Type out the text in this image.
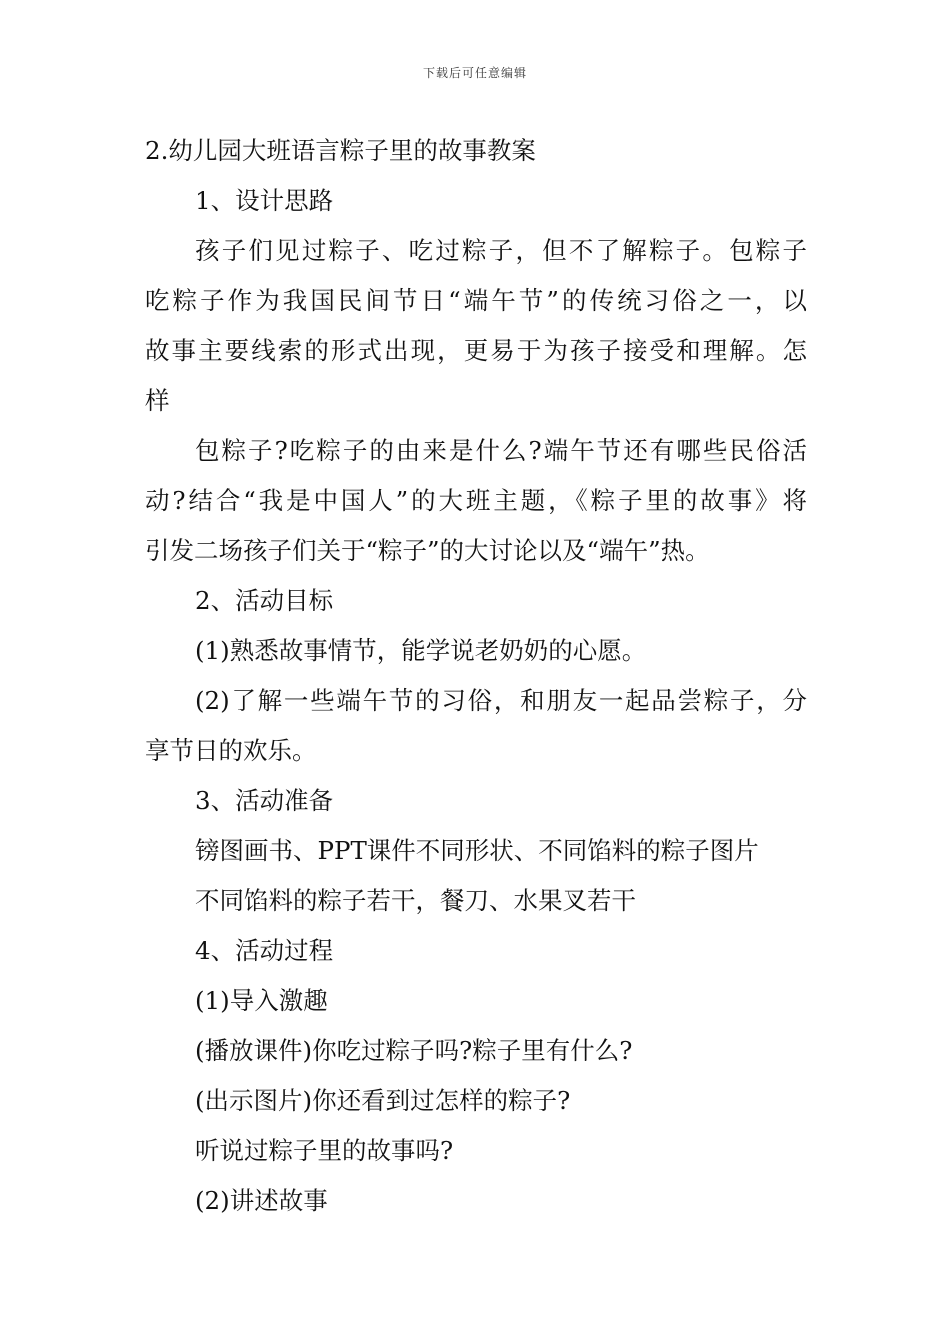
下载后可任意编辑
2.幼儿园大班语言粽子里的故事教案
1、设计思路
孩子们见过粽子、吃过粽子，但不了解粽子。包粽子
吃粽子作为我国民间节日“端午节”的传统习俗之一，以
故事主要线索的形式出现，更易于为孩子接受和理解。怎
样
包粽子?吃粽子的由来是什么?端午节还有哪些民俗活
动?结合“我是中国人”的大班主题，《粽子里的故事》将
引发二场孩子们关于“粽子”的大讨论以及“端午”热。
2、活动目标
(1)熟悉故事情节，能学说老奶奶的心愿。
(2)了解一些端午节的习俗，和朋友一起品尝粽子，分
享节日的欢乐。
3、活动准备
镑图画书、PPT课件不同形状、不同馅料的粽子图片
不同馅料的粽子若干，餐刀、水果叉若干
4、活动过程
(1)导入激趣
(播放课件)你吃过粽子吗?粽子里有什么?
(出示图片)你还看到过怎样的粽子?
听说过粽子里的故事吗?
(2)讲述故事
